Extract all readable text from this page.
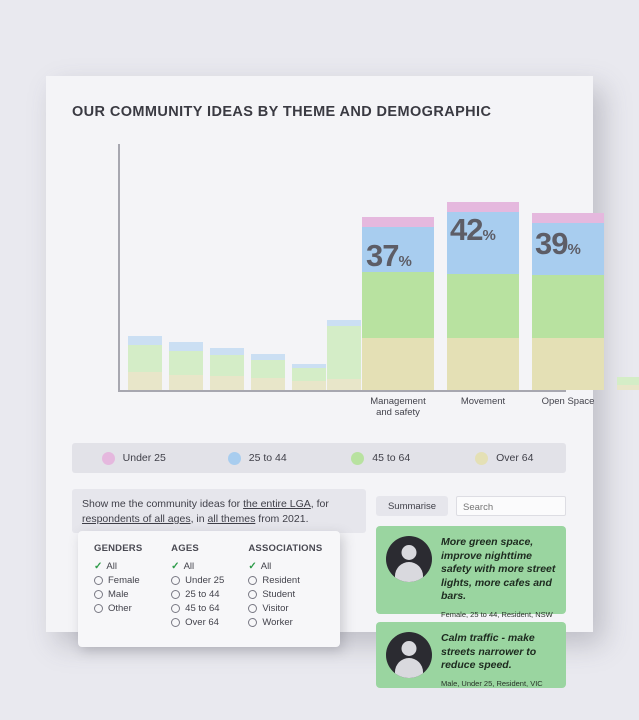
OUR COMMUNITY IDEAS BY THEME AND DEMOGRAPHIC
37%
42% 39%
Management
and safety
Movement	Open Space
Under 25	25 to 44	45 to 64	Over 64
Show me the community ideas for the entire LGA, for respondents of all ages, in all themes from 2021.
GENDERS
✓ All
Female
Male
Other
AGES
✓ All
Under 25
25 to 44
45 to 64
Over 64
ASSOCIATIONS
✓ All
Resident
Student
Visitor
Worker
Summarise
Search
More green space, improve nighttime safety with more street lights, more cafes and bars.
Female, 25 to 44, Resident, NSW
Calm traffic - make streets narrower to reduce speed.
Male, Under 25, Resident, VIC
